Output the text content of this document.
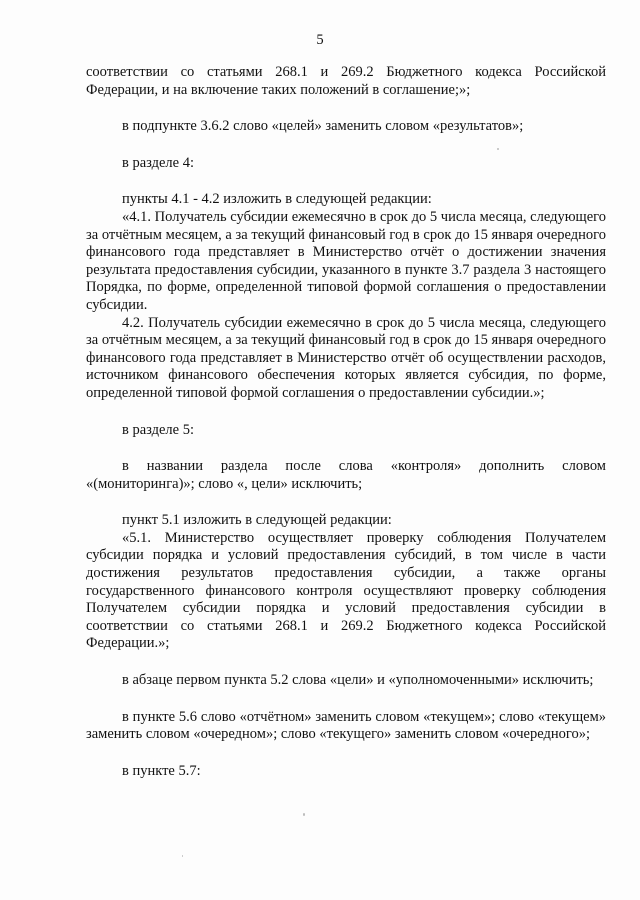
5

соответствии со статьями 268.1 и 269.2 Бюджетного кодекса Российской Федерации, и на включение таких положений в соглашение;»;

в подпункте 3.6.2 слово «целей» заменить словом «результатов»;

в разделе 4:

пункты 4.1 - 4.2 изложить в следующей редакции:

«4.1. Получатель субсидии ежемесячно в срок до 5 числа месяца, следующего за отчётным месяцем, а за текущий финансовый год в срок до 15 января очередного финансового года представляет в Министерство отчёт о достижении значения результата предоставления субсидии, указанного в пункте 3.7 раздела 3 настоящего Порядка, по форме, определенной типовой формой соглашения о предоставлении субсидии.

4.2. Получатель субсидии ежемесячно в срок до 5 числа месяца, следующего за отчётным месяцем, а за текущий финансовый год в срок до 15 января очередного финансового года представляет в Министерство отчёт об осуществлении расходов, источником финансового обеспечения которых является субсидия, по форме, определенной типовой формой соглашения о предоставлении субсидии.»;

в разделе 5:

в названии раздела после слова «контроля» дополнить словом «(мониторинга)»; слово «, цели» исключить;

пункт 5.1 изложить в следующей редакции:

«5.1. Министерство осуществляет проверку соблюдения Получателем субсидии порядка и условий предоставления субсидий, в том числе в части достижения результатов предоставления субсидии, а также органы государственного финансового контроля осуществляют проверку соблюдения Получателем субсидии порядка и условий предоставления субсидии в соответствии со статьями 268.1 и 269.2 Бюджетного кодекса Российской Федерации.»;

в абзаце первом пункта 5.2 слова «цели» и «уполномоченными» исключить;

в пункте 5.6 слово «отчётном» заменить словом «текущем»; слово «текущем» заменить словом «очередном»; слово «текущего» заменить словом «очередного»;

в пункте 5.7:
